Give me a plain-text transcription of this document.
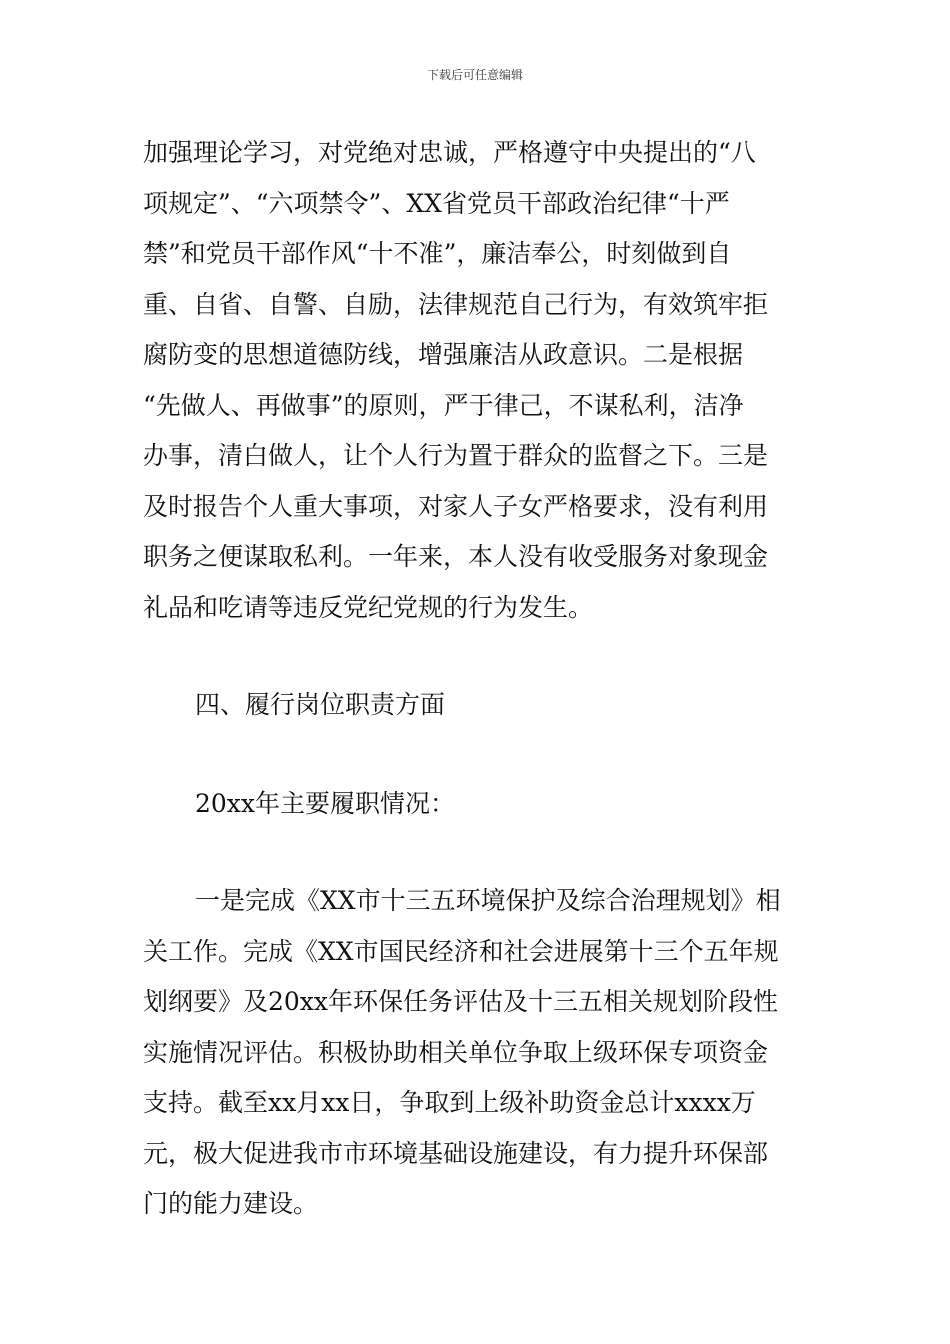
下载后可任意编辑

加强理论学习，对党绝对忠诚，严格遵守中央提出的“八
项规定”、“六项禁令”、XX省党员干部政治纪律“十严
禁”和党员干部作风“十不准”，廉洁奉公，时刻做到自
重、自省、自警、自励，法律规范自己行为，有效筑牢拒
腐防变的思想道德防线，增强廉洁从政意识。二是根据
“先做人、再做事”的原则，严于律己，不谋私利，洁净
办事，清白做人，让个人行为置于群众的监督之下。三是
及时报告个人重大事项，对家人子女严格要求，没有利用
职务之便谋取私利。一年来，本人没有收受服务对象现金
礼品和吃请等违反党纪党规的行为发生。

四、履行岗位职责方面

20xx年主要履职情况：

一是完成《XX市十三五环境保护及综合治理规划》相
关工作。完成《XX市国民经济和社会进展第十三个五年规
划纲要》及20xx年环保任务评估及十三五相关规划阶段性
实施情况评估。积极协助相关单位争取上级环保专项资金
支持。截至xx月xx日，争取到上级补助资金总计xxxx万
元，极大促进我市市环境基础设施建设，有力提升环保部
门的能力建设。
